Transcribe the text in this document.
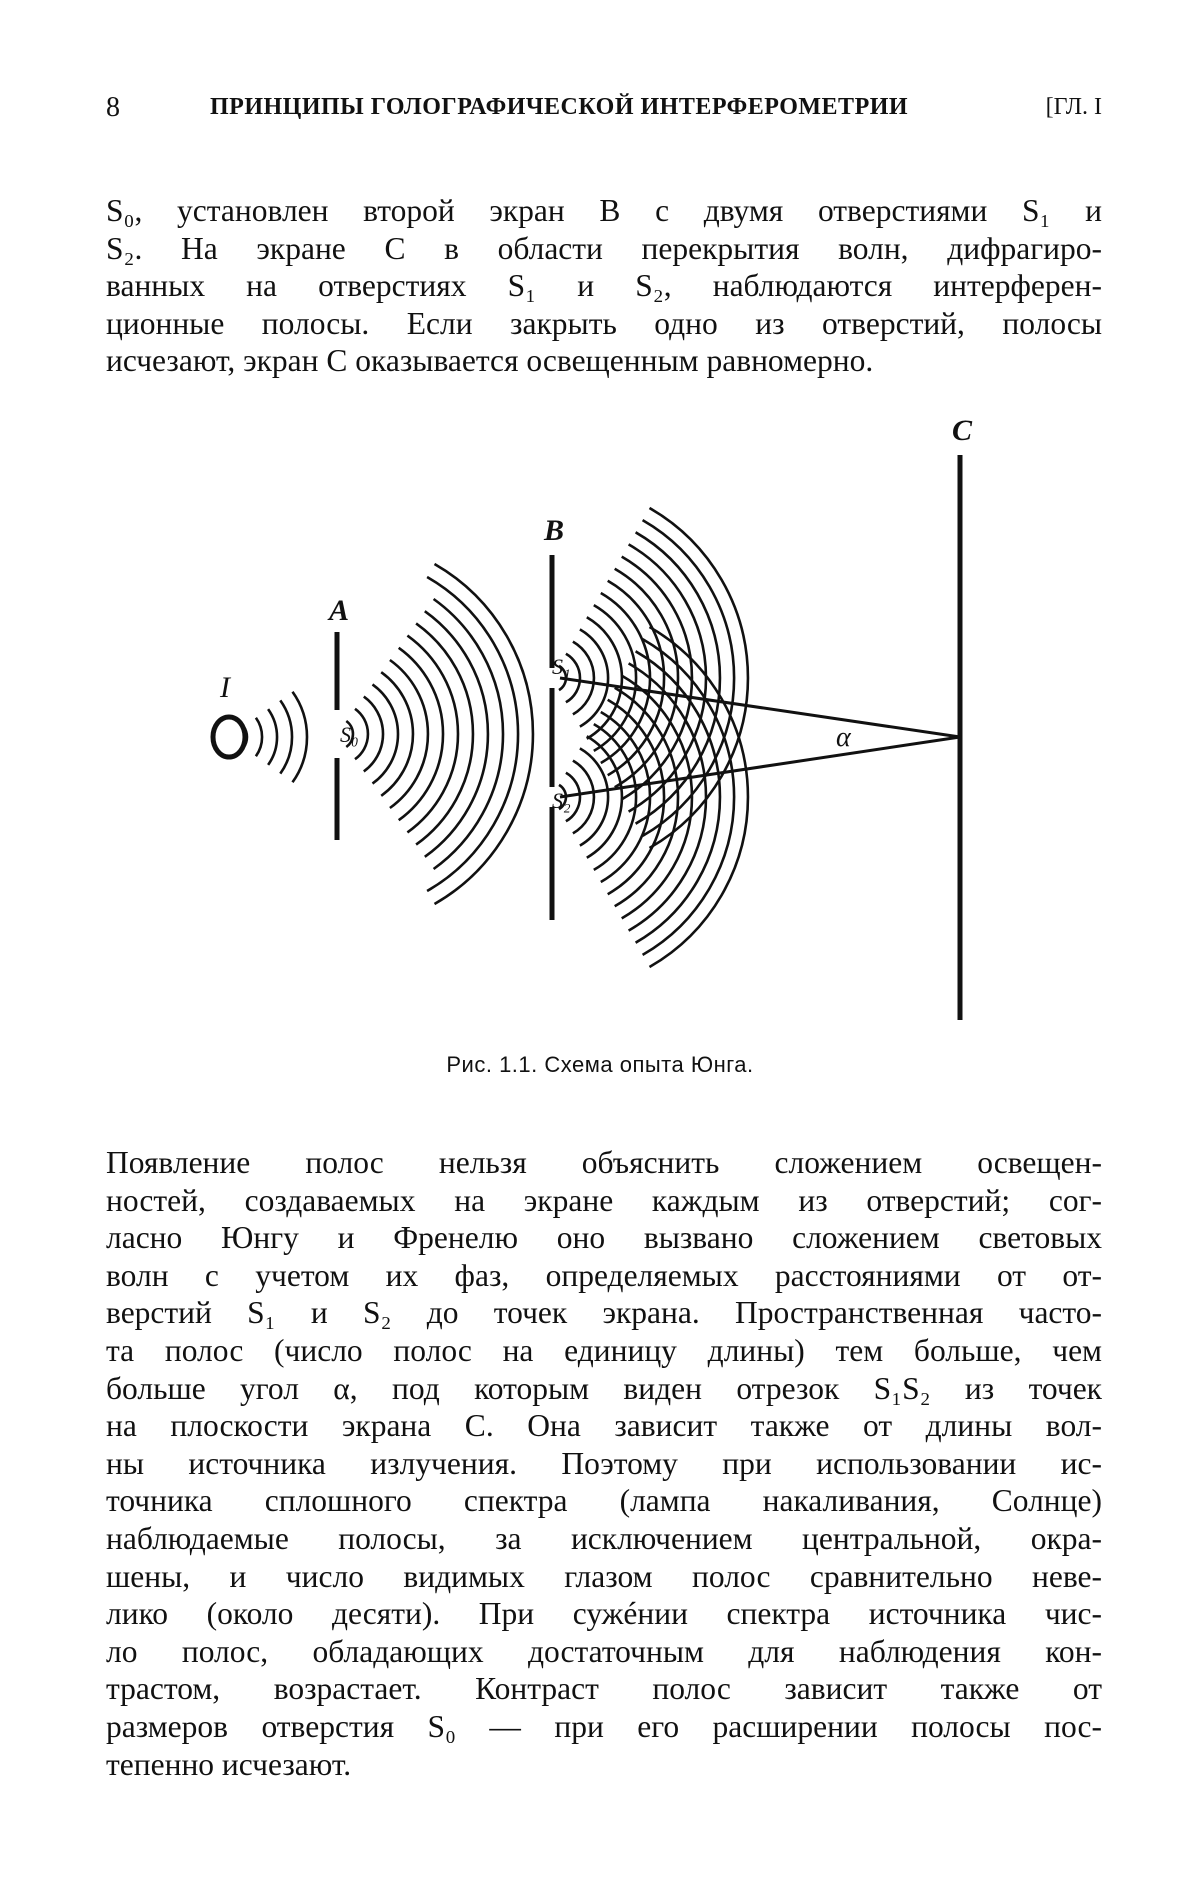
8	ПРИНЦИПЫ ГОЛОГРАФИЧЕСКОЙ ИНТЕРФЕРОМЕТРИИ	[ГЛ. I
S₀, установлен второй экран B с двумя отверстиями S₁ и
S₂. На экране C в области перекрытия волн, дифрагиро-
ванных на отверстиях S₁ и S₂, наблюдаются интерферен-
ционные полосы. Если закрыть одно из отверстий, полосы
исчезают, экран C оказывается освещенным равномерно.
I
A
B
C
S₀
S₁
S₂
α
Рис. 1.1. Схема опыта Юнга.
Появление полос нельзя объяснить сложением освещен-
ностей, создаваемых на экране каждым из отверстий; сог-
ласно Юнгу и Френелю оно вызвано сложением световых
волн с учетом их фаз, определяемых расстояниями от от-
верстий S₁ и S₂ до точек экрана. Пространственная часто-
та полос (число полос на единицу длины) тем больше, чем
больше угол α, под которым виден отрезок S₁S₂ из точек
на плоскости экрана C. Она зависит также от длины вол-
ны источника излучения. Поэтому при использовании ис-
точника сплошного спектра (лампа накаливания, Солнце)
наблюдаемые полосы, за исключением центральной, окра-
шены, и число видимых глазом полос сравнительно неве-
лико (около десяти). При сужéнии спектра источника чис-
ло полос, обладающих достаточным для наблюдения кон-
трастом, возрастает. Контраст полос зависит также от
размеров отверстия S₀ — при его расширении полосы пос-
тепенно исчезают.
